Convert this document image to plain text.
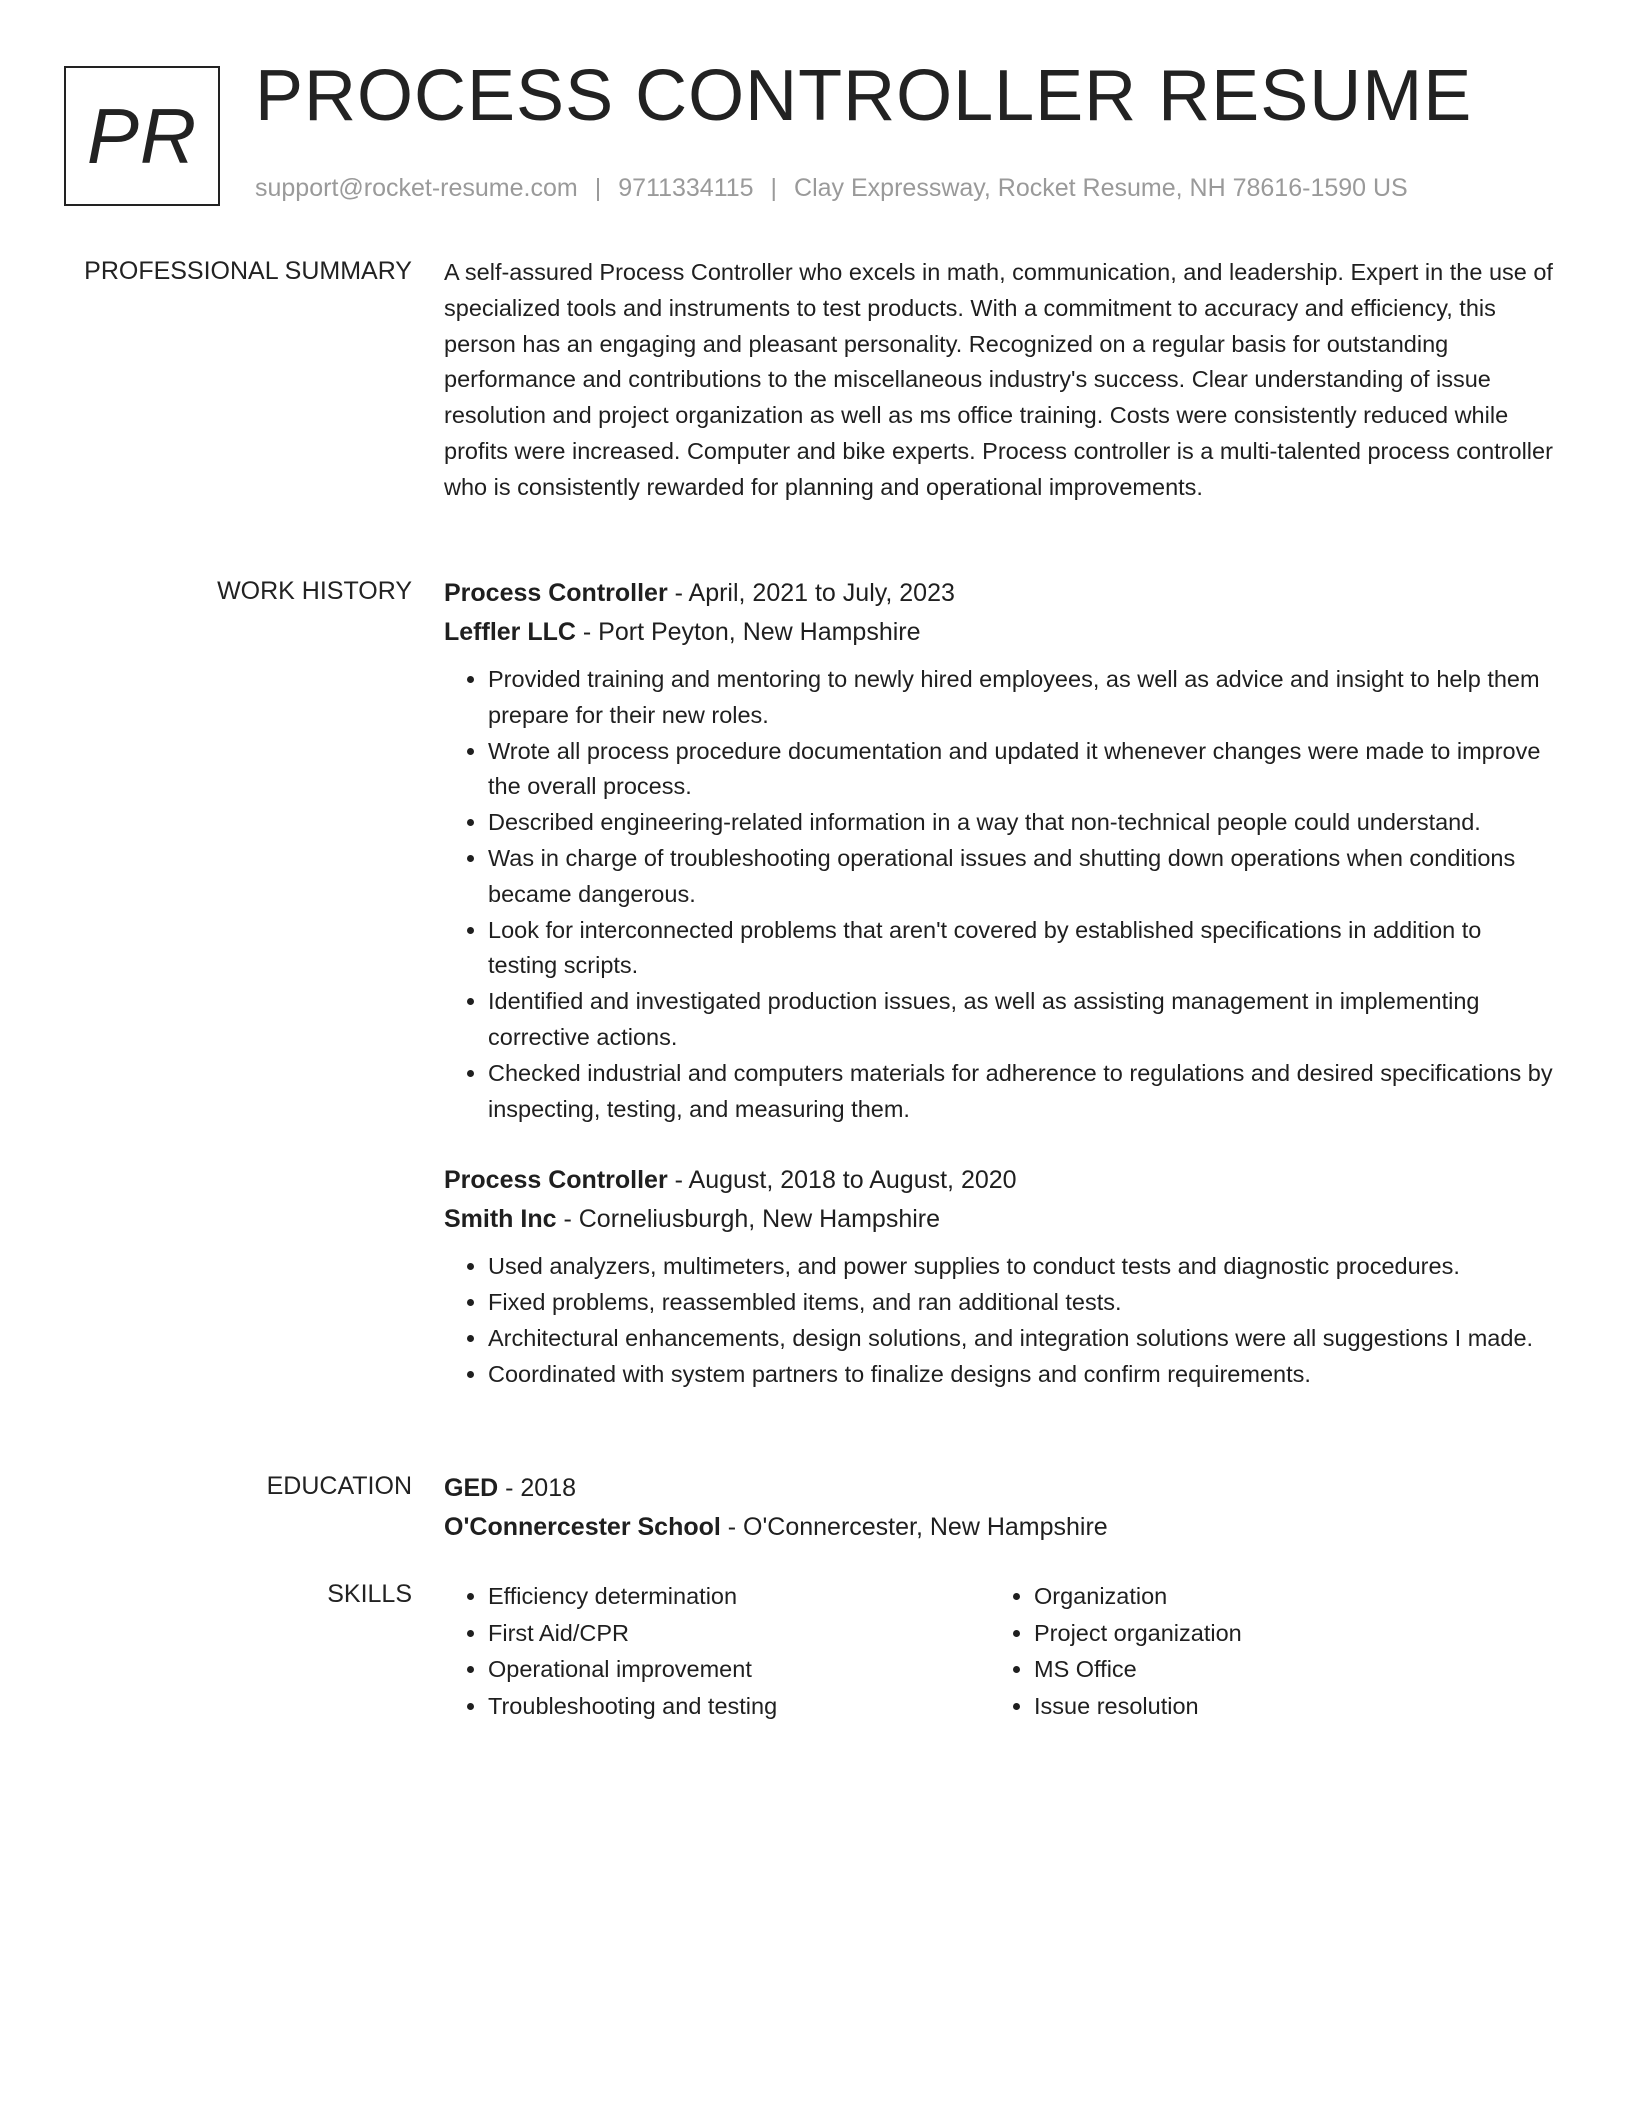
PR PROCESS CONTROLLER RESUME
support@rocket-resume.com | 9711334115 | Clay Expressway, Rocket Resume, NH 78616-1590 US
PROFESSIONAL SUMMARY A self-assured Process Controller who excels in math, communication, and leadership. Expert in the use of specialized tools and instruments to test products. With a commitment to accuracy and efficiency, this person has an engaging and pleasant personality. Recognized on a regular basis for outstanding performance and contributions to the miscellaneous industry's success. Clear understanding of issue resolution and project organization as well as ms office training. Costs were consistently reduced while profits were increased. Computer and bike experts. Process controller is a multi-talented process controller who is consistently rewarded for planning and operational improvements.
WORK HISTORY Process Controller - April, 2021 to July, 2023
Leffler LLC - Port Peyton, New Hampshire
• Provided training and mentoring to newly hired employees, as well as advice and insight to help them prepare for their new roles.
• Wrote all process procedure documentation and updated it whenever changes were made to improve the overall process.
• Described engineering-related information in a way that non-technical people could understand.
• Was in charge of troubleshooting operational issues and shutting down operations when conditions became dangerous.
• Look for interconnected problems that aren't covered by established specifications in addition to testing scripts.
• Identified and investigated production issues, as well as assisting management in implementing corrective actions.
• Checked industrial and computers materials for adherence to regulations and desired specifications by inspecting, testing, and measuring them.
Process Controller - August, 2018 to August, 2020
Smith Inc - Corneliusburgh, New Hampshire
• Used analyzers, multimeters, and power supplies to conduct tests and diagnostic procedures.
• Fixed problems, reassembled items, and ran additional tests.
• Architectural enhancements, design solutions, and integration solutions were all suggestions I made.
• Coordinated with system partners to finalize designs and confirm requirements.
EDUCATION GED - 2018
O'Connercester School - O'Connercester, New Hampshire
SKILLS
•	Efficiency determination
• First Aid/CPR
• Operational improvement
• Troubleshooting and testing
• Organization
• Project organization
• MS Office
• Issue resolution
